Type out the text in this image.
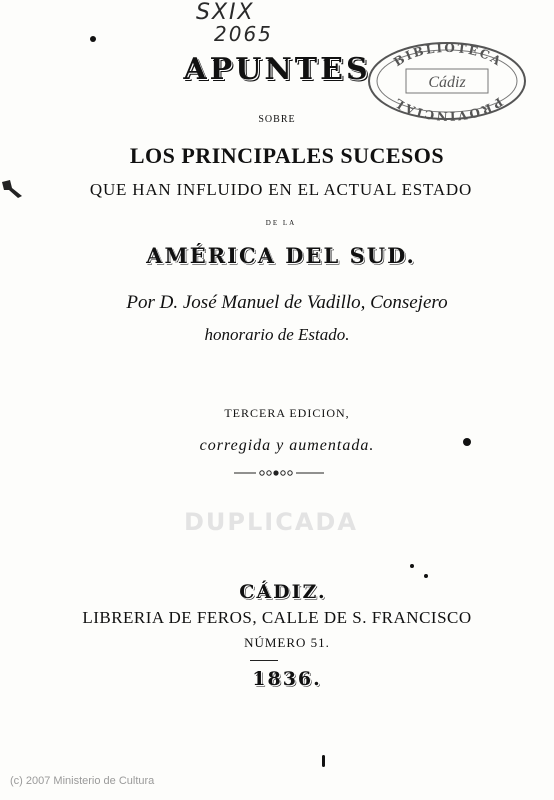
SXIX
2065
BIBLIOTECA
PROVINCIAL
Cádiz
APUNTES
SOBRE
LOS PRINCIPALES SUCESOS
QUE HAN INFLUIDO EN EL ACTUAL ESTADO
DE LA
AMÉRICA DEL SUD.
Por D. José Manuel de Vadillo, Consejero
honorario de Estado.
TERCERA EDICION,
corregida y aumentada.
DUPLICADA
CÁDIZ.
LIBRERIA DE FEROS, CALLE DE S. FRANCISCO
NÚMERO 51.
1836.
(c) 2007 Ministerio de Cultura
